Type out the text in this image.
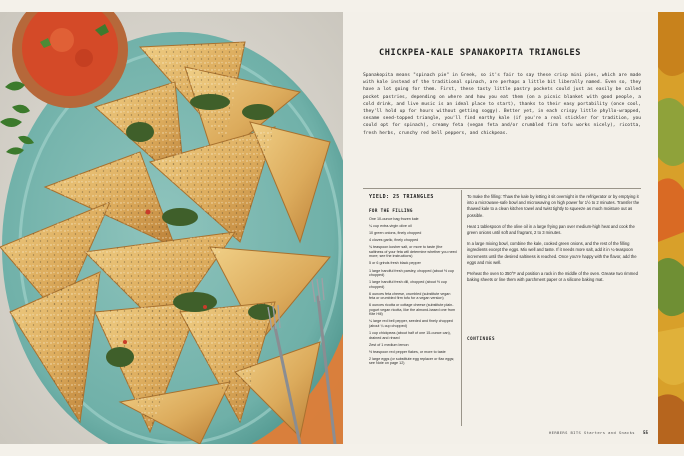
CHICKPEA-KALE SPANAKOPITA TRIANGLES
Spanakopita means "spinach pie" in Greek, so it's fair to say these crisp mini pies, which are made with kale instead of the traditional spinach, are perhaps a little bit liberally named. Even so, they have a lot going for them. First, these tasty little pastry pockets could just as easily be called pocket pastries, depending on where and how you eat them (on a picnic blanket with good people, a cold drink, and live music is an ideal place to start), thanks to their easy portability (once cool, they'll hold up for hours without getting soggy). Better yet, in each crispy little phyllo-wrapped, sesame seed-topped triangle, you'll find earthy kale (if you're a real stickler for tradition, you could opt for spinach), creamy feta (vegan feta and/or crumbled firm tofu works nicely), ricotta, fresh herbs, crunchy red bell peppers, and chickpeas.
YIELD: 25 TRIANGLES
FOR THE FILLING
One 10-ounce bag frozen kale
¼ cup extra-virgin olive oil
10 green onions, finely chopped
4 cloves garlic, finely chopped
¾ teaspoon kosher salt, or more to taste (the saltiness of your feta will determine whether you need more; see the instructions)
5 or 6 grinds fresh black pepper
1 large handful fresh parsley, chopped (about ½ cup chopped)
1 large handful fresh dill, chopped (about ½ cup chopped)
6 ounces feta cheese, crumbled (substitute vegan feta or crumbled firm tofu for a vegan version)
6 ounces ricotta or cottage cheese (substitute plain-yogurt vegan ricotta, like the almond-based one from Kite Hill)
¼ large red bell pepper, seeded and finely chopped (about ¼ cup chopped)
1 cup chickpeas (about half of one 15-ounce can), drained and rinsed
Zest of 1 medium lemon
½ teaspoon red pepper flakes, or more to taste
2 large eggs (or substitute egg replacer or flax eggs; see Note on page 12)

To make the filling: Thaw the kale by letting it sit overnight in the refrigerator or by emptying it into a microwave-safe bowl and microwaving on high power for 1½ to 2 minutes. Transfer the thawed kale to a clean kitchen towel and twist tightly to squeeze as much moisture out as possible.

Heat 1 tablespoon of the olive oil in a large frying pan over medium-high heat and cook the green onions until soft and fragrant, 2 to 3 minutes.

In a large mixing bowl, combine the kale, cooked green onions, and the rest of the filling ingredients except the eggs. Mix well and taste. If it needs more salt, add it in ¼-teaspoon increments until the desired saltiness is reached. Once you're happy with the flavor, add the eggs and mix well.

Preheat the oven to 350°F and position a rack in the middle of the oven. Grease two rimmed baking sheets or line them with parchment paper or a silicone baking mat.

CONTINUES
HERBERS BITS Starters and Snacks 55
